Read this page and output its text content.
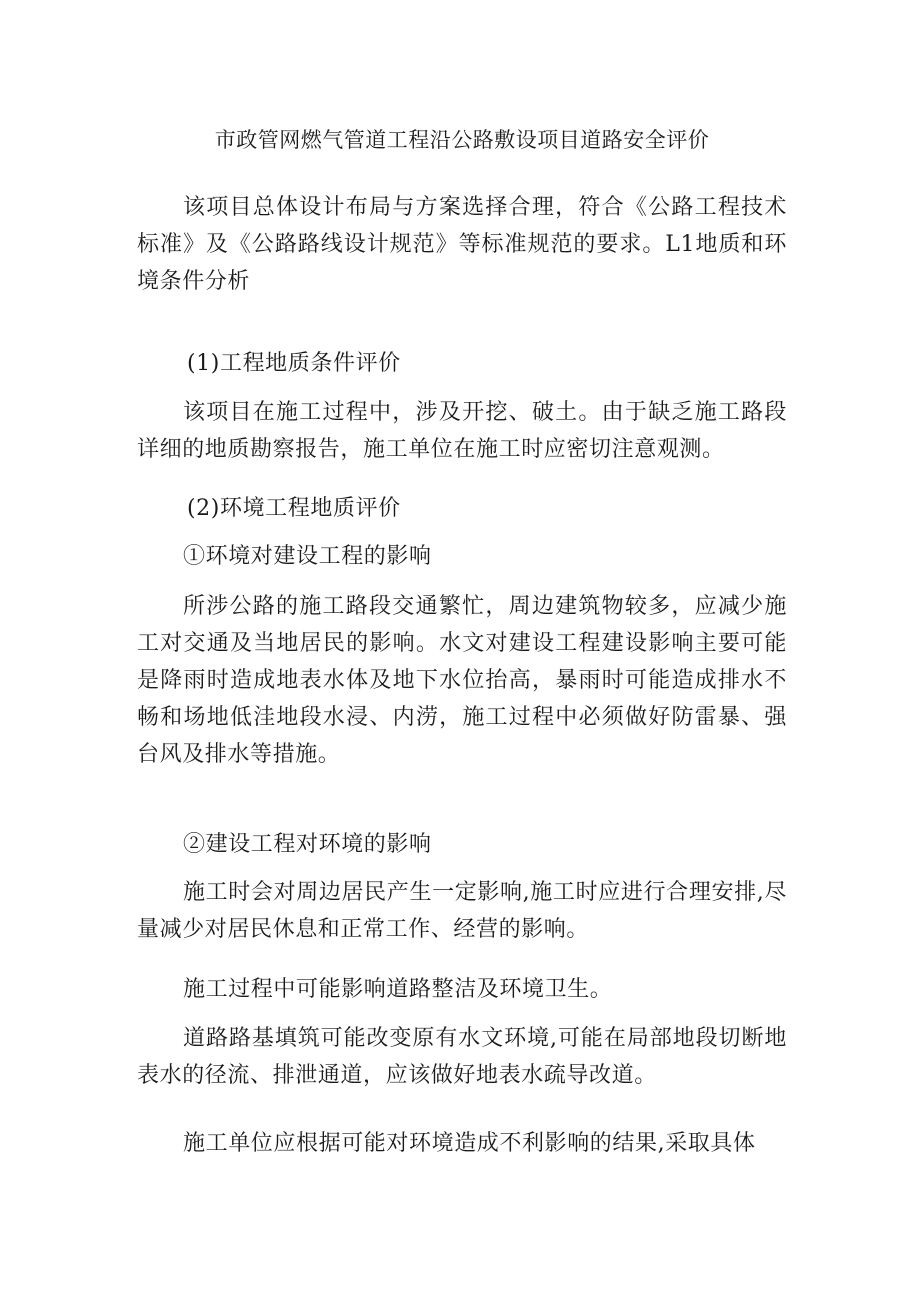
市政管网燃气管道工程沿公路敷设项目道路安全评价

该项目总体设计布局与方案选择合理，符合《公路工程技术标准》及《公路路线设计规范》等标准规范的要求。L1地质和环境条件分析

(1)工程地质条件评价

该项目在施工过程中，涉及开挖、破土。由于缺乏施工路段详细的地质勘察报告，施工单位在施工时应密切注意观测。

(2)环境工程地质评价

①环境对建设工程的影响

所涉公路的施工路段交通繁忙，周边建筑物较多，应减少施工对交通及当地居民的影响。水文对建设工程建设影响主要可能是降雨时造成地表水体及地下水位抬高，暴雨时可能造成排水不畅和场地低洼地段水浸、内涝，施工过程中必须做好防雷暴、强台风及排水等措施。

②建设工程对环境的影响

施工时会对周边居民产生一定影响,施工时应进行合理安排,尽量减少对居民休息和正常工作、经营的影响。

施工过程中可能影响道路整洁及环境卫生。

道路路基填筑可能改变原有水文环境,可能在局部地段切断地表水的径流、排泄通道，应该做好地表水疏导改道。

施工单位应根据可能对环境造成不利影响的结果,采取具体
